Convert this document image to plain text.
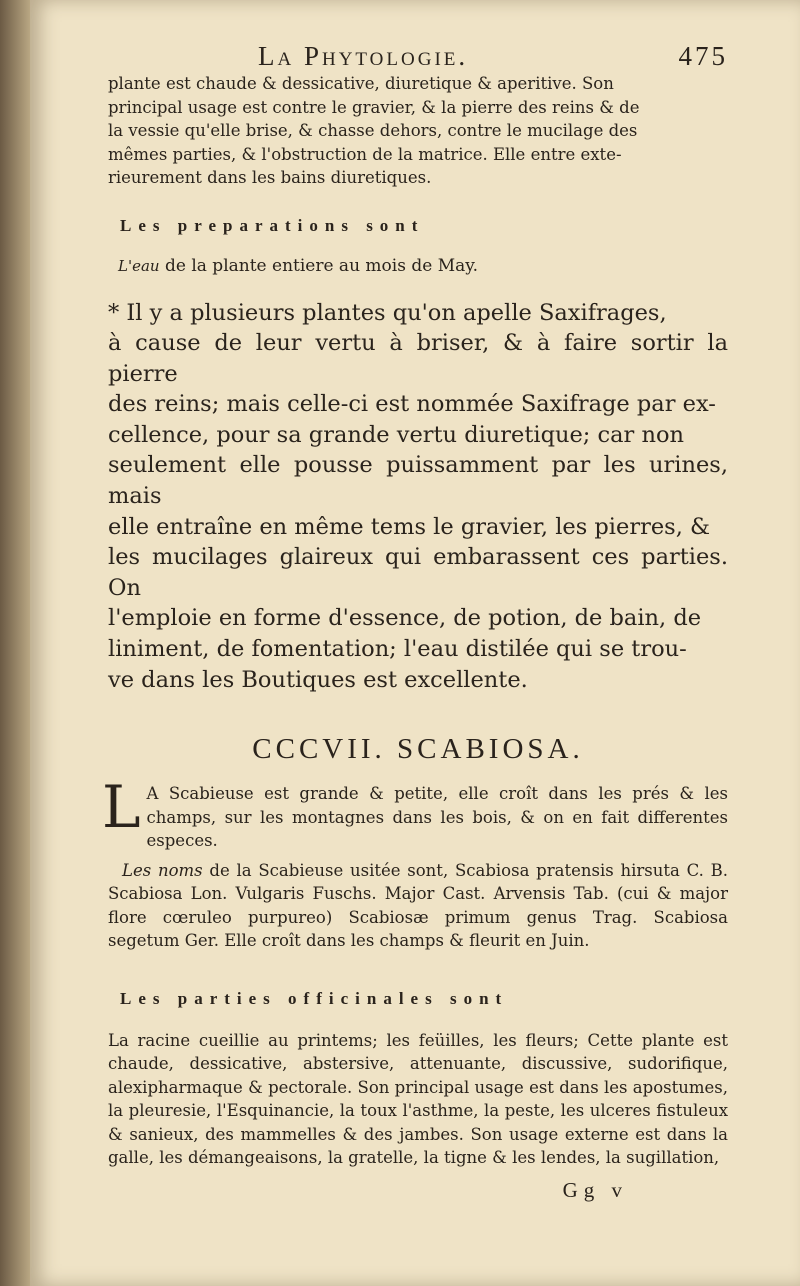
La Phytologie.	475

plante est chaude & dessicative, diuretique & aperitive. Son

principal usage est contre le gravier, & la pierre des reins & de

la vessie qu'elle brise, & chasse dehors, contre le mucilage des

mêmes parties, & l'obstruction de la matrice. Elle entre exte-

rieurement dans les bains diuretiques.

Les preparations sont
L'eau de la plante entiere au mois de May.

* Il y a plusieurs plantes qu'on apelle Saxifrages,

à cause de leur vertu à briser, & à faire sortir la pierre

des reins; mais celle-ci est nommée Saxifrage par ex-

cellence, pour sa grande vertu diuretique; car non

seulement elle pousse puissamment par les urines, mais

elle entraîne en même tems le gravier, les pierres, &

les mucilages glaireux qui embarassent ces parties. On

l'emploie en forme d'essence, de potion, de bain, de

liniment, de fomentation; l'eau distilée qui se trou-

ve dans les Boutiques est excellente.

CCCVII. SCABIOSA.
L A Scabieuse est grande & petite, elle croît dans les prés & les champs, sur les montagnes dans les bois, & on en fait differentes especes.
Les noms de la Scabieuse usitée sont, Scabiosa pratensis hirsuta C. B. Scabiosa Lon. Vulgaris Fuschs. Major Cast. Arvensis Tab. (cui & major flore cœruleo purpureo) Scabiosæ primum genus Trag. Scabiosa segetum Ger. Elle croît dans les champs & fleurit en Juin.
Les parties officinales sont
La racine cueillie au printems; les feüilles, les fleurs; Cette plante est chaude, dessicative, abstersive, attenuante, discussive, sudorifique, alexipharmaque & pectorale. Son principal usage est dans les apostumes, la pleuresie, l'Esquinancie, la toux l'asthme, la peste, les ulceres fistuleux & sanieux, des mammelles & des jambes. Son usage externe est dans la galle, les démangeaisons, la gratelle, la tigne & les lendes, la sugillation,
Gg v
